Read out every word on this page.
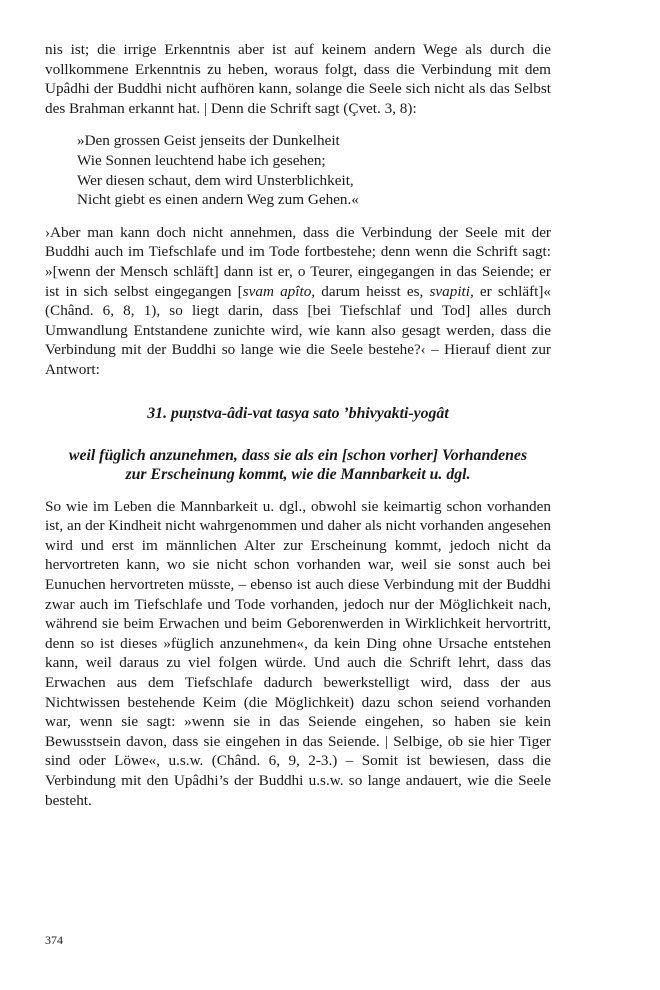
nis ist; die irrige Erkenntnis aber ist auf keinem andern Wege als durch die vollkommene Erkenntnis zu heben, woraus folgt, dass die Verbindung mit dem Upâdhi der Buddhi nicht aufhören kann, solange die Seele sich nicht als das Selbst des Brahman erkannt hat. | Denn die Schrift sagt (Çvet. 3, 8):

»Den grossen Geist jenseits der Dunkelheit
Wie Sonnen leuchtend habe ich gesehen;
Wer diesen schaut, dem wird Unsterblichkeit,
Nicht giebt es einen andern Weg zum Gehen.«

›Aber man kann doch nicht annehmen, dass die Verbindung der Seele mit der Buddhi auch im Tiefschlafe und im Tode fortbestehe; denn wenn die Schrift sagt: »[wenn der Mensch schläft] dann ist er, o Teurer, eingegangen in das Seiende; er ist in sich selbst eingegangen [svam apîto, darum heisst es, svapiti, er schläft]« (Chând. 6, 8, 1), so liegt darin, dass [bei Tiefschlaf und Tod] alles durch Umwandlung Entstandene zunichte wird, wie kann also gesagt werden, dass die Verbindung mit der Buddhi so lange wie die Seele bestehe?‹ – Hierauf dient zur Antwort:

31. puṇstva-âdi-vat tasya sato ’bhivyakti-yogât
weil füglich anzunehmen, dass sie als ein [schon vorher] Vorhandenes
zur Erscheinung kommt, wie die Mannbarkeit u. dgl.

So wie im Leben die Mannbarkeit u. dgl., obwohl sie keimartig schon vorhanden ist, an der Kindheit nicht wahrgenommen und daher als nicht vorhanden angesehen wird und erst im männlichen Alter zur Erscheinung kommt, jedoch nicht da hervortreten kann, wo sie nicht schon vorhanden war, weil sie sonst auch bei Eunuchen hervortreten müsste, – ebenso ist auch diese Verbindung mit der Buddhi zwar auch im Tiefschlafe und Tode vorhanden, jedoch nur der Möglichkeit nach, während sie beim Erwachen und beim Geborenwerden in Wirklichkeit hervortritt, denn so ist dieses »füglich anzunehmen«, da kein Ding ohne Ursache entstehen kann, weil daraus zu viel folgen würde. Und auch die Schrift lehrt, dass das Erwachen aus dem Tiefschlafe dadurch bewerkstelligt wird, dass der aus Nichtwissen bestehende Keim (die Möglichkeit) dazu schon seiend vorhanden war, wenn sie sagt: »wenn sie in das Seiende eingehen, so haben sie kein Bewusstsein davon, dass sie eingehen in das Seiende. | Selbige, ob sie hier Tiger sind oder Löwe«, u.s.w. (Chând. 6, 9, 2-3.) – Somit ist bewiesen, dass die Verbindung mit den Upâdhi’s der Buddhi u.s.w. so lange andauert, wie die Seele besteht.

374
